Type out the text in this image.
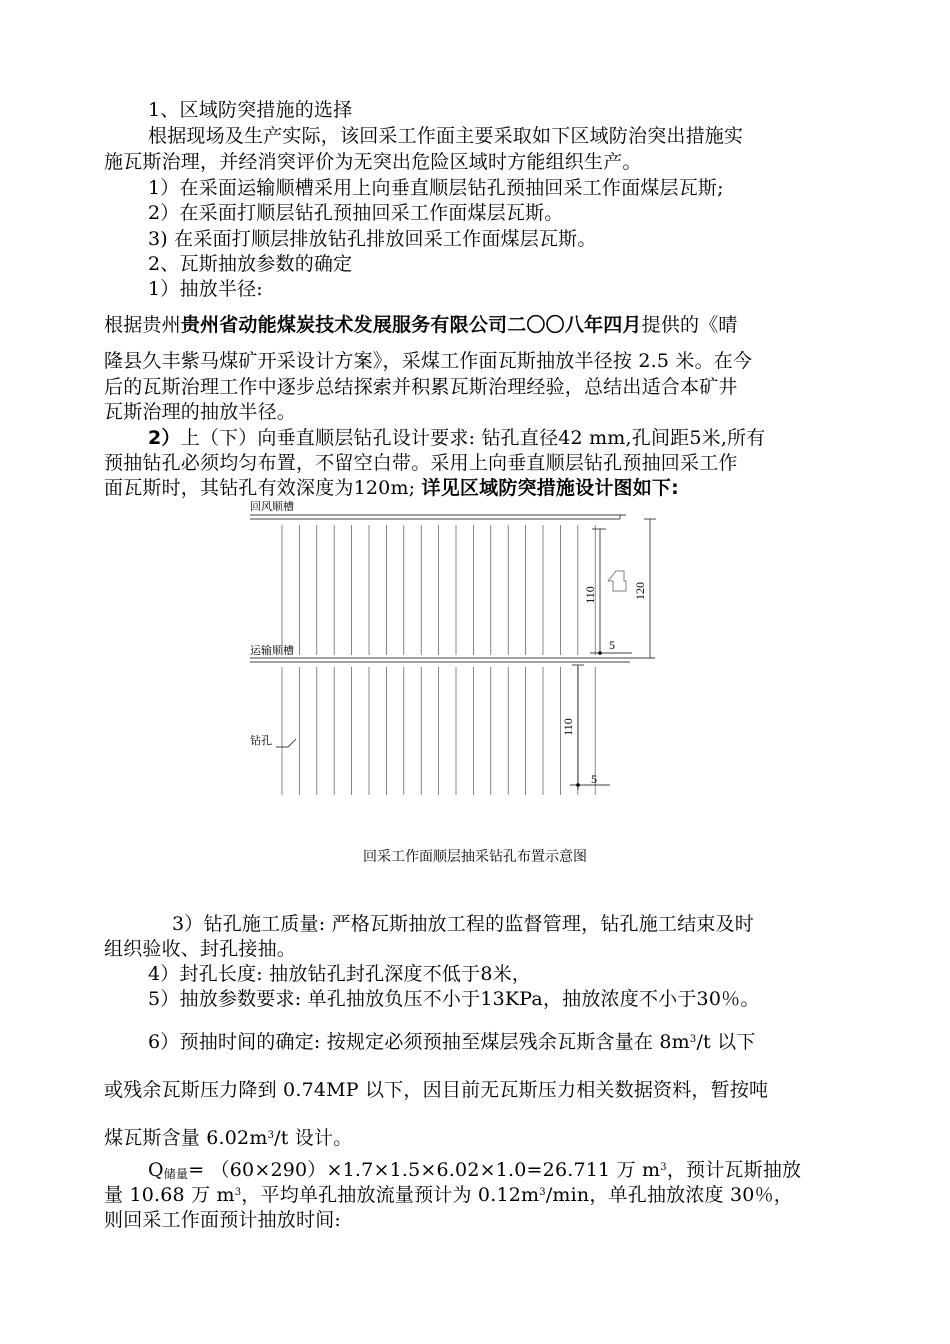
1、区域防突措施的选择
根据现场及生产实际，该回采工作面主要采取如下区域防治突出措施实
施瓦斯治理，并经消突评价为无突出危险区域时方能组织生产。
1）在采面运输顺槽采用上向垂直顺层钻孔预抽回采工作面煤层瓦斯;
2）在采面打顺层钻孔预抽回采工作面煤层瓦斯。
3) 在采面打顺层排放钻孔排放回采工作面煤层瓦斯。
2、瓦斯抽放参数的确定
1）抽放半径:
根据贵州贵州省动能煤炭技术发展服务有限公司二〇〇八年四月提供的《晴
隆县久丰紫马煤矿开采设计方案》，采煤工作面瓦斯抽放半径按 2.5 米。在今
后的瓦斯治理工作中逐步总结探索并积累瓦斯治理经验，总结出适合本矿井
瓦斯治理的抽放半径。
2）上（下）向垂直顺层钻孔设计要求: 钻孔直径42 mm,孔间距5米,所有
预抽钻孔必须均匀布置，不留空白带。采用上向垂直顺层钻孔预抽回采工作
面瓦斯时，其钻孔有效深度为120m; 详见区域防突措施设计图如下:
回风顺槽
运输顺槽
钻孔
110	120
5
110
5
回采工作面顺层抽采钻孔布置示意图
3）钻孔施工质量: 严格瓦斯抽放工程的监督管理，钻孔施工结束及时
组织验收、封孔接抽。
4）封孔长度: 抽放钻孔封孔深度不低于8米，
5）抽放参数要求: 单孔抽放负压不小于13KPa，抽放浓度不小于30％。
6）预抽时间的确定: 按规定必须预抽至煤层残余瓦斯含量在 $8m^3/t$ 以下
或残余瓦斯压力降到 0.74MP 以下，因目前无瓦斯压力相关数据资料，暂按吨
煤瓦斯含量 $6.02m^3/t$ 设计。
$Q_{储量}= (60\times 290)\times 1.7\times 1.5\times 6.02\times 1.0=26.711$ 万 $m^3$，预计瓦斯抽放
量 10.68 万 $m^3$，平均单孔抽放流量预计为 $0.12m^3/\min$，单孔抽放浓度 30％，
则回采工作面预计抽放时间:
